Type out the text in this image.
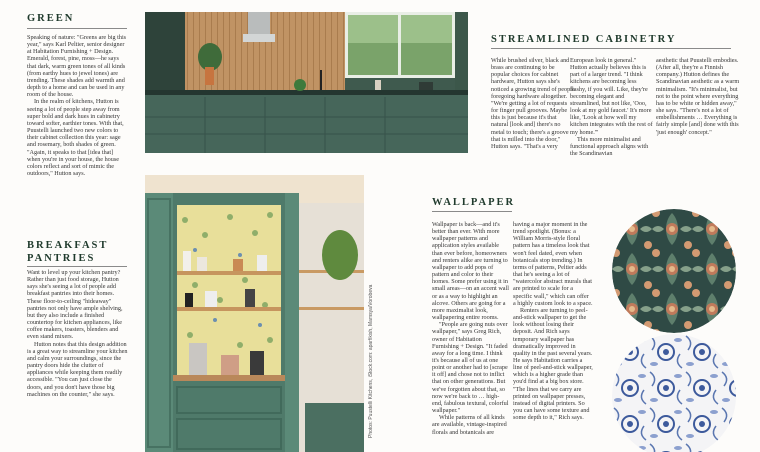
GREEN

Speaking of nature: "Greens are big this year," says Karl Peltier, senior designer at Habitation Furnishing + Design. Emerald, forest, pine, moss—he says that dark, warm green tones of all kinds (from earthy hues to jewel tones) are trending. These shades add warmth and depth to a home and can be used in any room of the house.

In the realm of kitchens, Hutton is seeing a lot of people step away from super bold and dark hues in cabinetry toward softer, earthier tones. With that, Puustelli launched two new colors to their cabinet collection this year: sage and rosemary, both shades of green. "Again, it speaks to that [idea that] when you're in your house, the house colors reflect and sort of mimic the outdoors," Hutton says.

BREAKFAST
PANTRIES

Want to level up your kitchen pantry? Rather than just food storage, Hutton says she's seeing a lot of people add breakfast pantries into their homes. These floor-to-ceiling "hideaway" pantries not only have ample shelving, but they also include a finished countertop for kitchen appliances, like coffee makers, toasters, blenders and even stand mixers.

Hutton notes that this design addition is a great way to streamline your kitchen and calm your surroundings, since the pantry doors hide the clutter of appliances while keeping them readily accessible. "You can just close the doors, and you don't have those big machines on the counter," she says.	Photos: Puustelli Kitchens, iStock.com: aparfikish, Mamsya/Vorobeva
STREAMLINED CABINETRY

While brushed silver, black and brass are continuing to be popular choices for cabinet hardware, Hutton says she's noticed a growing trend of people foregoing hardware altogether. "We're getting a lot of requests for finger pull grooves. Maybe this is just because it's that natural [look and] there's no metal to touch; there's a groove that is milled into the door," Hutton says. "That's a very

European look in general." Hutton actually believes this is part of a larger trend. "I think kitchens are becoming less flashy, if you will. Like, they're becoming elegant and streamlined, but not like, 'Ooo, look at my gold faucet.' It's more like, 'Look at how well my kitchen integrates with the rest of my home.'"

This more minimalist and functional approach aligns with the Scandinavian

aesthetic that Puustelli embodies. (After all, they're a Finnish company.) Hutton defines the Scandinavian aesthetic as a warm minimalism. "It's minimalist, but not to the point where everything has to be white or hidden away," she says. "There's not a lot of embellishments … Everything is fairly simple [and] done with this 'just enough' concept."

WALLPAPER

Wallpaper is back—and it's better than ever. With more wallpaper patterns and application styles available than ever before, homeowners and renters alike are turning to wallpaper to add pops of pattern and color to their homes. Some prefer using it in small areas—on an accent wall or as a way to highlight an alcove. Others are going for a more maximalist look, wallpapering entire rooms.

"People are going nuts over wallpaper," says Greg Rich, owner of Habitation Furnishing + Design. "It faded away for a long time. I think it's because all of us at one point or another had to [scrape it off] and chose not to inflict that on other generations. But we've forgotten about that, so now we're back to … high-end, fabulous textural, colorful wallpaper."

While patterns of all kinds are available, vintage-inspired florals and botanicals are

having a major moment in the trend spotlight. (Bonus: a William Morris-style floral pattern has a timeless look that won't feel dated, even when botanicals stop trending.) In terms of patterns, Peltier adds that he's seeing a lot of "watercolor abstract murals that are printed to scale for a specific wall," which can offer a highly custom look to a space.

Renters are turning to peel-and-stick wallpaper to get the look without losing their deposit. And Rich says temporary wallpaper has dramatically improved in quality in the past several years. He says Habitation carries a line of peel-and-stick wallpaper, which is a higher grade than you'd find at a big box store. "The lines that we carry are printed on wallpaper presses, instead of digital printers. So you can have some texture and some depth to it," Rich says.
